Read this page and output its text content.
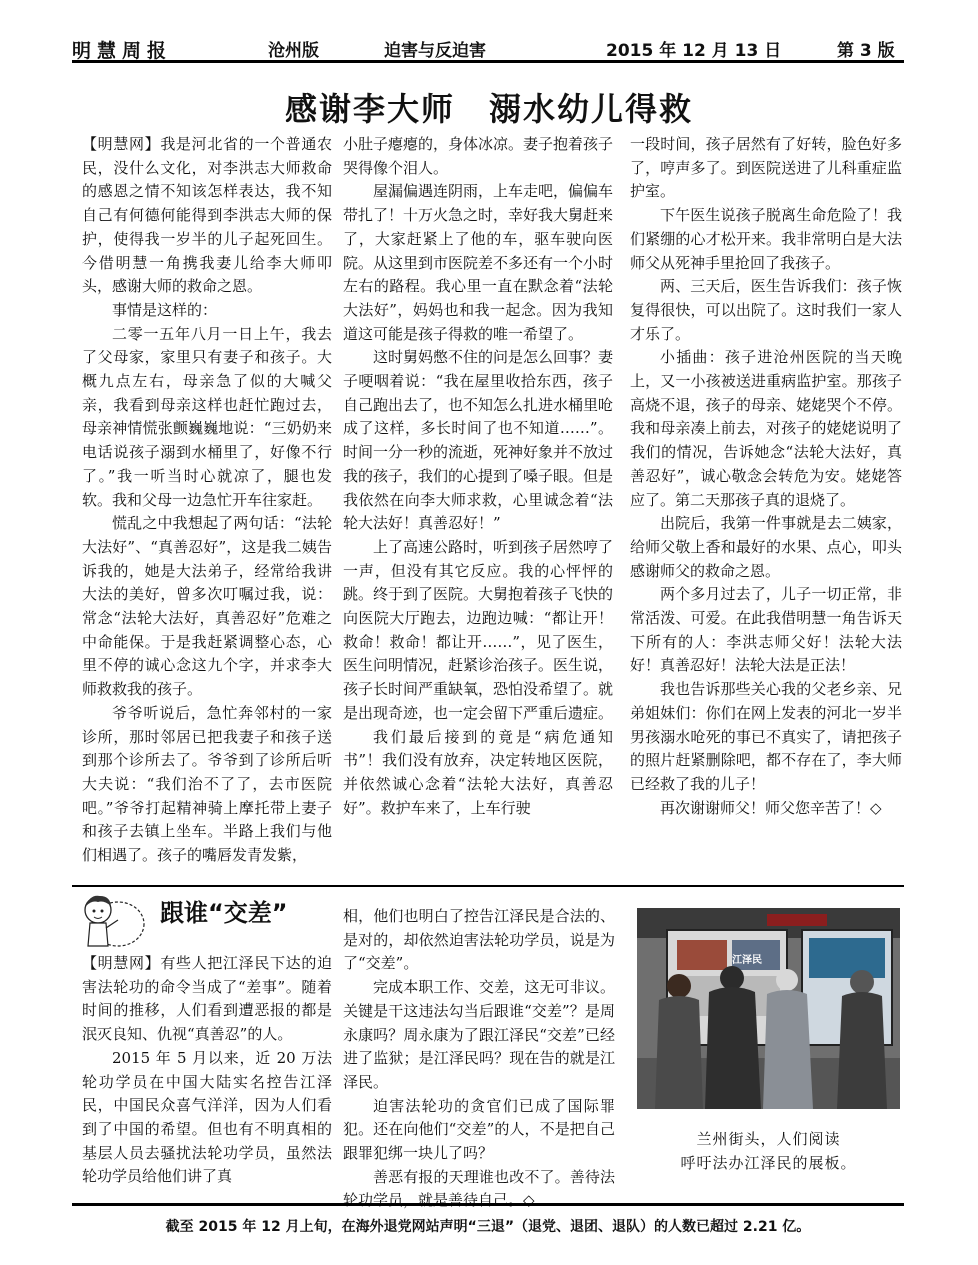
明慧周报	沧州版	迫害与反迫害	2015 年 12 月 13 日	第 3 版
感谢李大师　溺水幼儿得救

【明慧网】我是河北省的一个普通农民，没什么文化，对李洪志大师救命的感恩之情不知该怎样表达，我不知自己有何德何能得到李洪志大师的保护，使得我一岁半的儿子起死回生。今借明慧一角携我妻儿给李大师叩头，感谢大师的救命之恩。

事情是这样的：

二零一五年八月一日上午，我去了父母家，家里只有妻子和孩子。大概九点左右，母亲急了似的大喊父亲，我看到母亲这样也赶忙跑过去，母亲神情慌张颤巍巍地说：“三奶奶来电话说孩子溺到水桶里了，好像不行了。”我一听当时心就凉了，腿也发软。我和父母一边急忙开车往家赶。

慌乱之中我想起了两句话：“法轮大法好”、“真善忍好”，这是我二姨告诉我的，她是大法弟子，经常给我讲大法的美好，曾多次叮嘱过我，说：常念“法轮大法好，真善忍好”危难之中命能保。于是我赶紧调整心态，心里不停的诚心念这九个字，并求李大师救救我的孩子。

爷爷听说后，急忙奔邻村的一家诊所，那时邻居已把我妻子和孩子送到那个诊所去了。爷爷到了诊所后听大夫说：“我们治不了了，去市医院吧。”爷爷打起精神骑上摩托带上妻子和孩子去镇上坐车。半路上我们与他们相遇了。孩子的嘴唇发青发紫，

小肚子瘪瘪的，身体冰凉。妻子抱着孩子哭得像个泪人。

屋漏偏遇连阴雨，上车走吧，偏偏车带扎了！十万火急之时，幸好我大舅赶来了，大家赶紧上了他的车，驱车驶向医院。从这里到市医院差不多还有一个小时左右的路程。我心里一直在默念着“法轮大法好”，妈妈也和我一起念。因为我知道这可能是孩子得救的唯一希望了。

这时舅妈憋不住的问是怎么回事？妻子哽咽着说：“我在屋里收拾东西，孩子自己跑出去了，也不知怎么扎进水桶里呛成了这样，多长时间了也不知道……”。时间一分一秒的流逝，死神好象并不放过我的孩子，我们的心提到了嗓子眼。但是我依然在向李大师求救，心里诚念着“法轮大法好！真善忍好！”

上了高速公路时，听到孩子居然哼了一声，但没有其它反应。我的心怦怦的跳。终于到了医院。大舅抱着孩子飞快的向医院大厅跑去，边跑边喊：“都让开！救命！救命！都让开……”，见了医生，医生问明情况，赶紧诊治孩子。医生说，孩子长时间严重缺氧，恐怕没希望了。就是出现奇迹，也一定会留下严重后遗症。

我们最后接到的竟是“病危通知书”！我们没有放弃，决定转地区医院，并依然诚心念着“法轮大法好，真善忍好”。救护车来了，上车行驶

一段时间，孩子居然有了好转，脸色好多了，哼声多了。到医院送进了儿科重症监护室。

下午医生说孩子脱离生命危险了！我们紧绷的心才松开来。我非常明白是大法师父从死神手里抢回了我孩子。

两、三天后，医生告诉我们：孩子恢复得很快，可以出院了。这时我们一家人才乐了。

小插曲：孩子进沧州医院的当天晚上，又一小孩被送进重病监护室。那孩子高烧不退，孩子的母亲、姥姥哭个不停。我和母亲凑上前去，对孩子的姥姥说明了我们的情况，告诉她念“法轮大法好，真善忍好”，诚心敬念会转危为安。姥姥答应了。第二天那孩子真的退烧了。

出院后，我第一件事就是去二姨家，给师父敬上香和最好的水果、点心，叩头感谢师父的救命之恩。

两个多月过去了，儿子一切正常，非常活泼、可爱。在此我借明慧一角告诉天下所有的人：李洪志师父好！法轮大法好！真善忍好！法轮大法是正法！

我也告诉那些关心我的父老乡亲、兄弟姐妹们：你们在网上发表的河北一岁半男孩溺水呛死的事已不真实了，请把孩子的照片赶紧删除吧，都不存在了，李大师已经救了我的儿子！

再次谢谢师父！师父您辛苦了！◇

跟谁“交差”

【明慧网】有些人把江泽民下达的迫害法轮功的命令当成了“差事”。随着时间的推移，人们看到遭恶报的都是泯灭良知、仇视“真善忍”的人。

2015 年 5 月以来，近 20 万法轮功学员在中国大陆实名控告江泽民，中国民众喜气洋洋，因为人们看到了中国的希望。但也有不明真相的基层人员去骚扰法轮功学员，虽然法轮功学员给他们讲了真

相，他们也明白了控告江泽民是合法的、是对的，却依然迫害法轮功学员，说是为了“交差”。

完成本职工作、交差，这无可非议。关键是干这违法勾当后跟谁“交差”？是周永康吗？周永康为了跟江泽民“交差”已经进了监狱；是江泽民吗？现在告的就是江泽民。

迫害法轮功的贪官们已成了国际罪犯。还在向他们“交差”的人，不是把自己跟罪犯绑一块儿了吗？

善恶有报的天理谁也改不了。善待法轮功学员，就是善待自己。◇

江泽民
兰州街头，人们阅读
呼吁法办江泽民的展板。
截至 2015 年 12 月上旬，在海外退党网站声明“三退”（退党、退团、退队）的人数已超过 2.21 亿。
